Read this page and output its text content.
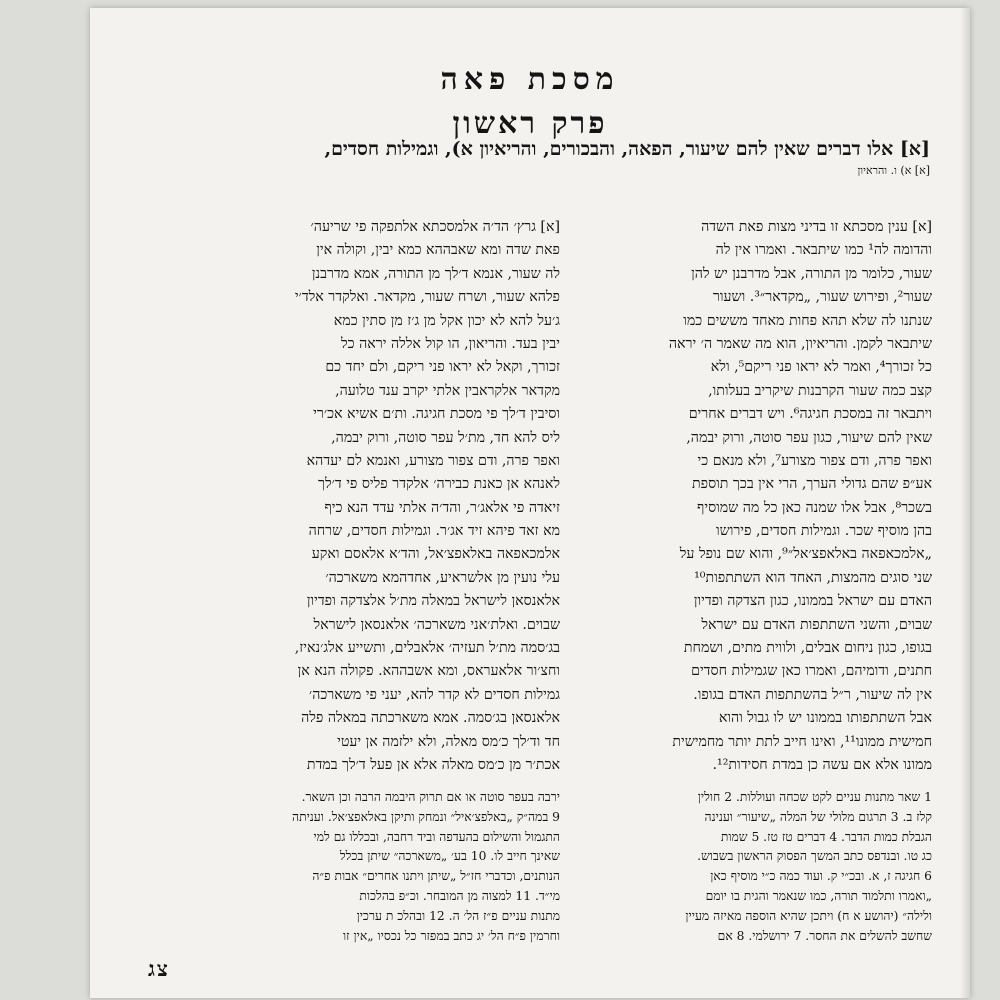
מסכת פאה
פרק ראשון
[א] אלו דברים שאין להם שיעור, הפאה, והבכורים, והריאיון א), וגמילות חסדים,
[א] א) ו. והראיון
[א] ענין מסכתא זו בדיני מצות פאת השדה
והדומה לה¹ כמו שיתבאר. ואמרו אין לה
שעור, כלומר מן התורה, אבל מדרבנן יש להן
שעור², ופירוש שעור, „מקדאר״³. ושעור
שנתנו לה שלא תהא פחות מאחד מששים כמו
שיתבאר לקמן. והריאיון, הוא מה שאמר ה׳ יראה
כל זכורך⁴, ואמר לא יראו פני ריקם⁵, ולא
קצב כמה שעור הקרבנות שיקריב בעלותו,
ויתבאר זה במסכת חגיגה⁶. ויש דברים אחרים
שאין להם שיעור, כגון עפר סוטה, ורוק יבמה,
ואפר פרה, ודם צפור מצורע⁷, ולא מנאם כי
אע״פ שהם גדולי הערך, הרי אין בכך תוספת
בשכר⁸, אבל אלו שמנה כאן כל מה שמוסיף
בהן מוסיף שכר. וגמילות חסדים, פירושו
„אלמכאפאה באלאפצ׳אל״⁹, והוא שם נופל על
שני סוגים מהמצות, האחד הוא השתתפות¹⁰
האדם עם ישראל בממונו, כגון הצדקה ופדיון
שבוים, והשני השתתפות האדם עם ישראל
בגופו, כגון ניחום אבלים, ולווית מתים, ושמחת
חתנים, ודומיהם, ואמרו כאן שגמילות חסדים
אין לה שיעור, ר״ל בהשתתפות האדם בגופו.
אבל השתתפותו בממונו יש לו גבול והוא
חמישית ממונו¹¹, ואינו חייב לתת יותר מחמישית
ממונו אלא אם עשה כן במדת חסידות¹².
[א] גרץ׳ הד׳ה אלמסכתא אלתפקה פי שריעה׳
פאת שדה ומא שאבההא כמא יבין, וקולה אין
לה שעור, אנמא ד׳לך מן התורה, אמא מדרבנן
פלהא שעור, ושרח שעור, מקדאר. ואלקדר אלד׳י
ג׳על להא לא יכון אקל מן ג׳ז מן סתין כמא
יבין בעד. והריאון, הו קול אללה יראה כל
זכורך, וקאל לא יראו פני ריקם, ולם יחד כם
מקדאר אלקראבין אלתי יקרב ענד טלועה,
וסיבין ד׳לך פי מסכת חגיגה. ות׳ם אשיא אכ׳רי
ליס להא חד, מת׳ל עפר סוטה, ורוק יבמה,
ואפר פרה, ודם צפור מצורע, ואנמא לם יעדהא
לאנהא אן כאנת כבירה׳ אלקדר פליס פי ד׳לך
זיאדה פי אלאג׳ר, והד׳ה אלתי עדד הנא כיף
מא זאד פיהא זיד אג׳ר. וגמילות חסדים, שרחה
אלמכאפאה באלאפצ׳אל, והד׳א אלאסם ואקע
עלי נועין מן אלשראיע, אחדהמא משארכה׳
אלאנסאן לישראל במאלה מת׳ל אלצדקה ופדיון
שבוים. ואלת׳אני משארכה׳ אלאנסאן לישראל
בג׳סמה מת׳ל תעזיה׳ אלאבלים, ותשייע אלג׳נאיז,
וחצ׳ור אלאעראס, ומא אשבההא. פקולה הנא אן
גמילות חסדים לא קדר להא, יעני פי משארכה׳
אלאנסאן בג׳סמה. אמא משארכתה במאלה פלה
חד וד׳לך כ׳מס מאלה, ולא ילזמה אן יעטי
אכת׳ר מן כ׳מס מאלה אלא אן פעל ד׳לך במדת
1 שאר מתנות עניים לקט שכחה ועוללות. 2 חולין
קלז ב. 3 תרגום מלולי של המלה „שיעור״ וענינה
הגבלת כמות הדבר. 4 דברים טז טז. 5 שמות
כג טו. ובנדפס כתב המשך הפסוק הראשון בשבוש.
6 חגיגה ז, א. ובכ״י ק. ועוד כמה כ״י מוסיף כאן
„ואמרו ותלמוד תורה, כמו שנאמר והגית בו יומם
ולילה״ (יהושע א ח) ויתכן שהיא הוספה מאיזה מעיין
שחשב להשלים את החסר. 7 ירושלמי. 8 אם
ירבה בעפר סוטה או אם תרוק היבמה הרבה וכן השאר.
9 במה״ק „באלפצ׳איל״ ונמחק ותיקן באלאפצ׳אל. ועניתה
התגמול והשילום בהעדפה וביד רחבה, ובכללו גם למי
שאינך חייב לו. 10 בע׳ „משארכה״ שיתן בכלל
הנותנים, וכדברי חז״ל „שיתן ויתנו אחרים״ אבות פ״ה
מי״ד. 11 למצוה מן המובחר. וכ״פ בהלכות
מתנות עניים פ״ז הל׳ ה. 12 ובהלכ ת ערכין
וחרמין פ״ח הל׳ יג כתב במפזר כל נכסיו „אין זו
צג
